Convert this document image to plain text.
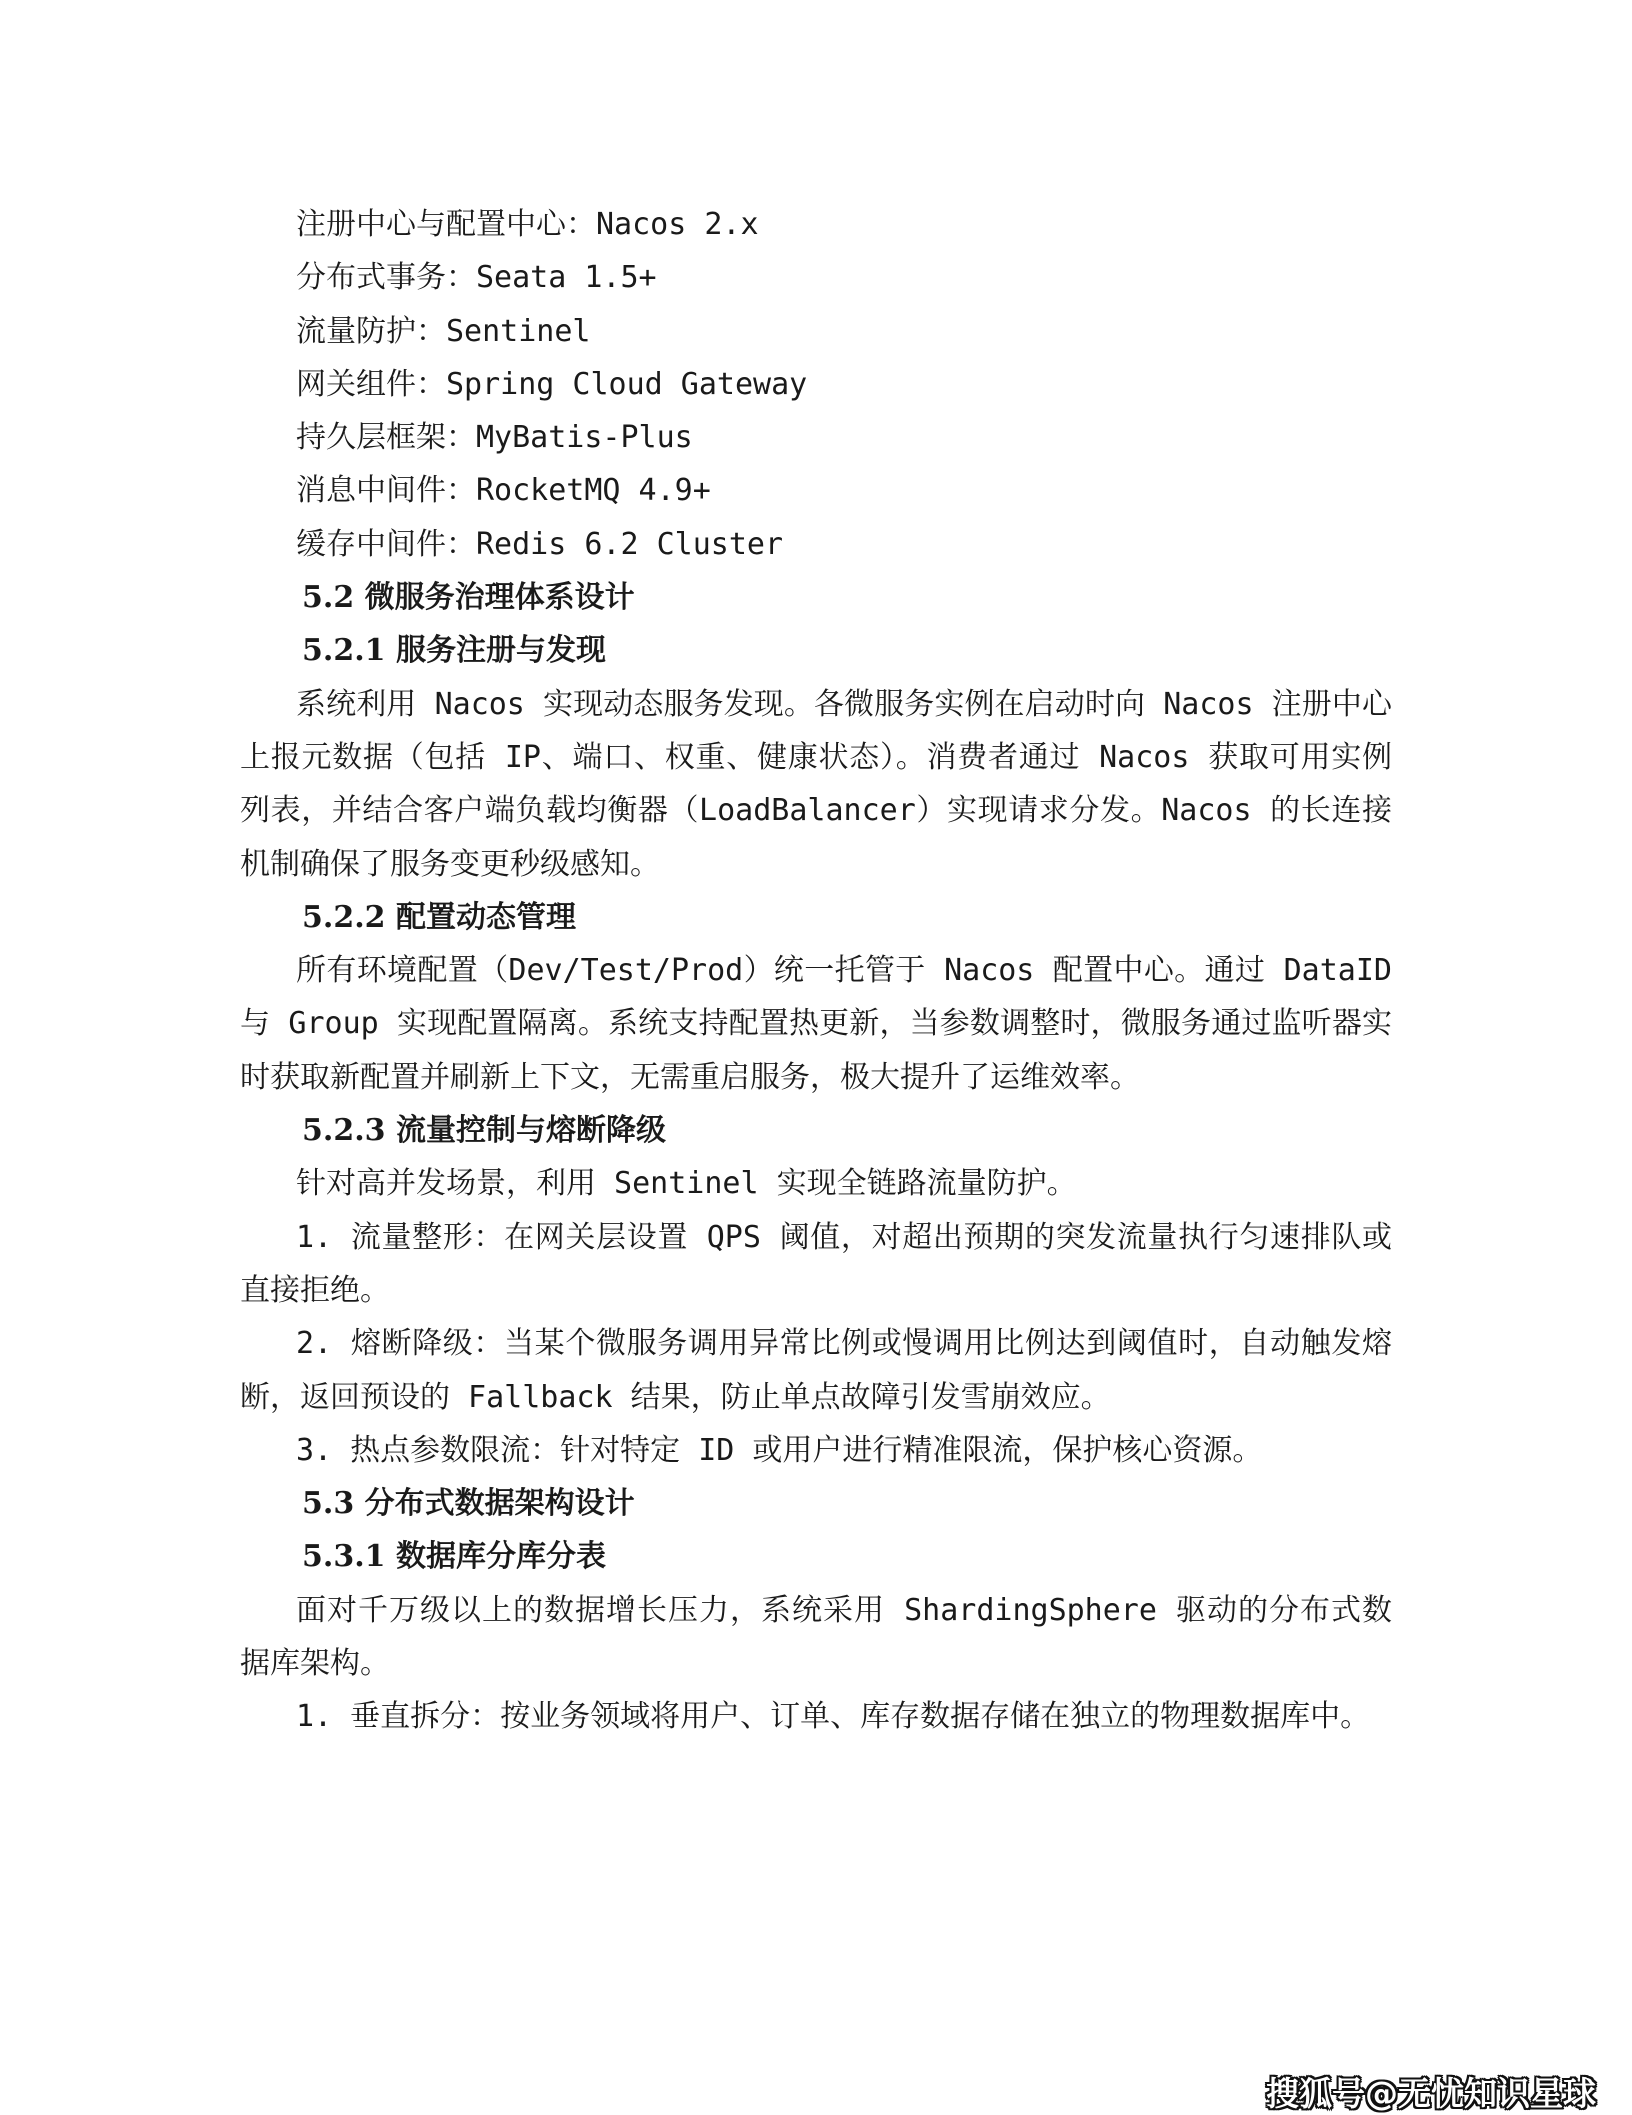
注册中心与配置中心：Nacos 2.x
分布式事务：Seata 1.5+
流量防护：Sentinel
网关组件：Spring Cloud Gateway
持久层框架：MyBatis-Plus
消息中间件：RocketMQ 4.9+
缓存中间件：Redis 6.2 Cluster
5.2 微服务治理体系设计
5.2.1 服务注册与发现

系统利用 Nacos 实现动态服务发现。各微服务实例在启动时向 Nacos 注册中心上报元数据（包括 IP、端口、权重、健康状态）。消费者通过 Nacos 获取可用实例列表，并结合客户端负载均衡器（LoadBalancer）实现请求分发。Nacos 的长连接机制确保了服务变更秒级感知。

5.2.2 配置动态管理

所有环境配置（Dev/Test/Prod）统一托管于 Nacos 配置中心。通过 DataID 与 Group 实现配置隔离。系统支持配置热更新，当参数调整时，微服务通过监听器实时获取新配置并刷新上下文，无需重启服务，极大提升了运维效率。

5.2.3 流量控制与熔断降级

针对高并发场景，利用 Sentinel 实现全链路流量防护。

1. 流量整形：在网关层设置 QPS 阈值，对超出预期的突发流量执行匀速排队或直接拒绝。

2. 熔断降级：当某个微服务调用异常比例或慢调用比例达到阈值时，自动触发熔断，返回预设的 Fallback 结果，防止单点故障引发雪崩效应。

3. 热点参数限流：针对特定 ID 或用户进行精准限流，保护核心资源。

5.3 分布式数据架构设计
5.3.1 数据库分库分表

面对千万级以上的数据增长压力，系统采用 ShardingSphere 驱动的分布式数据库架构。

1. 垂直拆分：按业务领域将用户、订单、库存数据存储在独立的物理数据库中。

搜狐号@无忧知识星球
